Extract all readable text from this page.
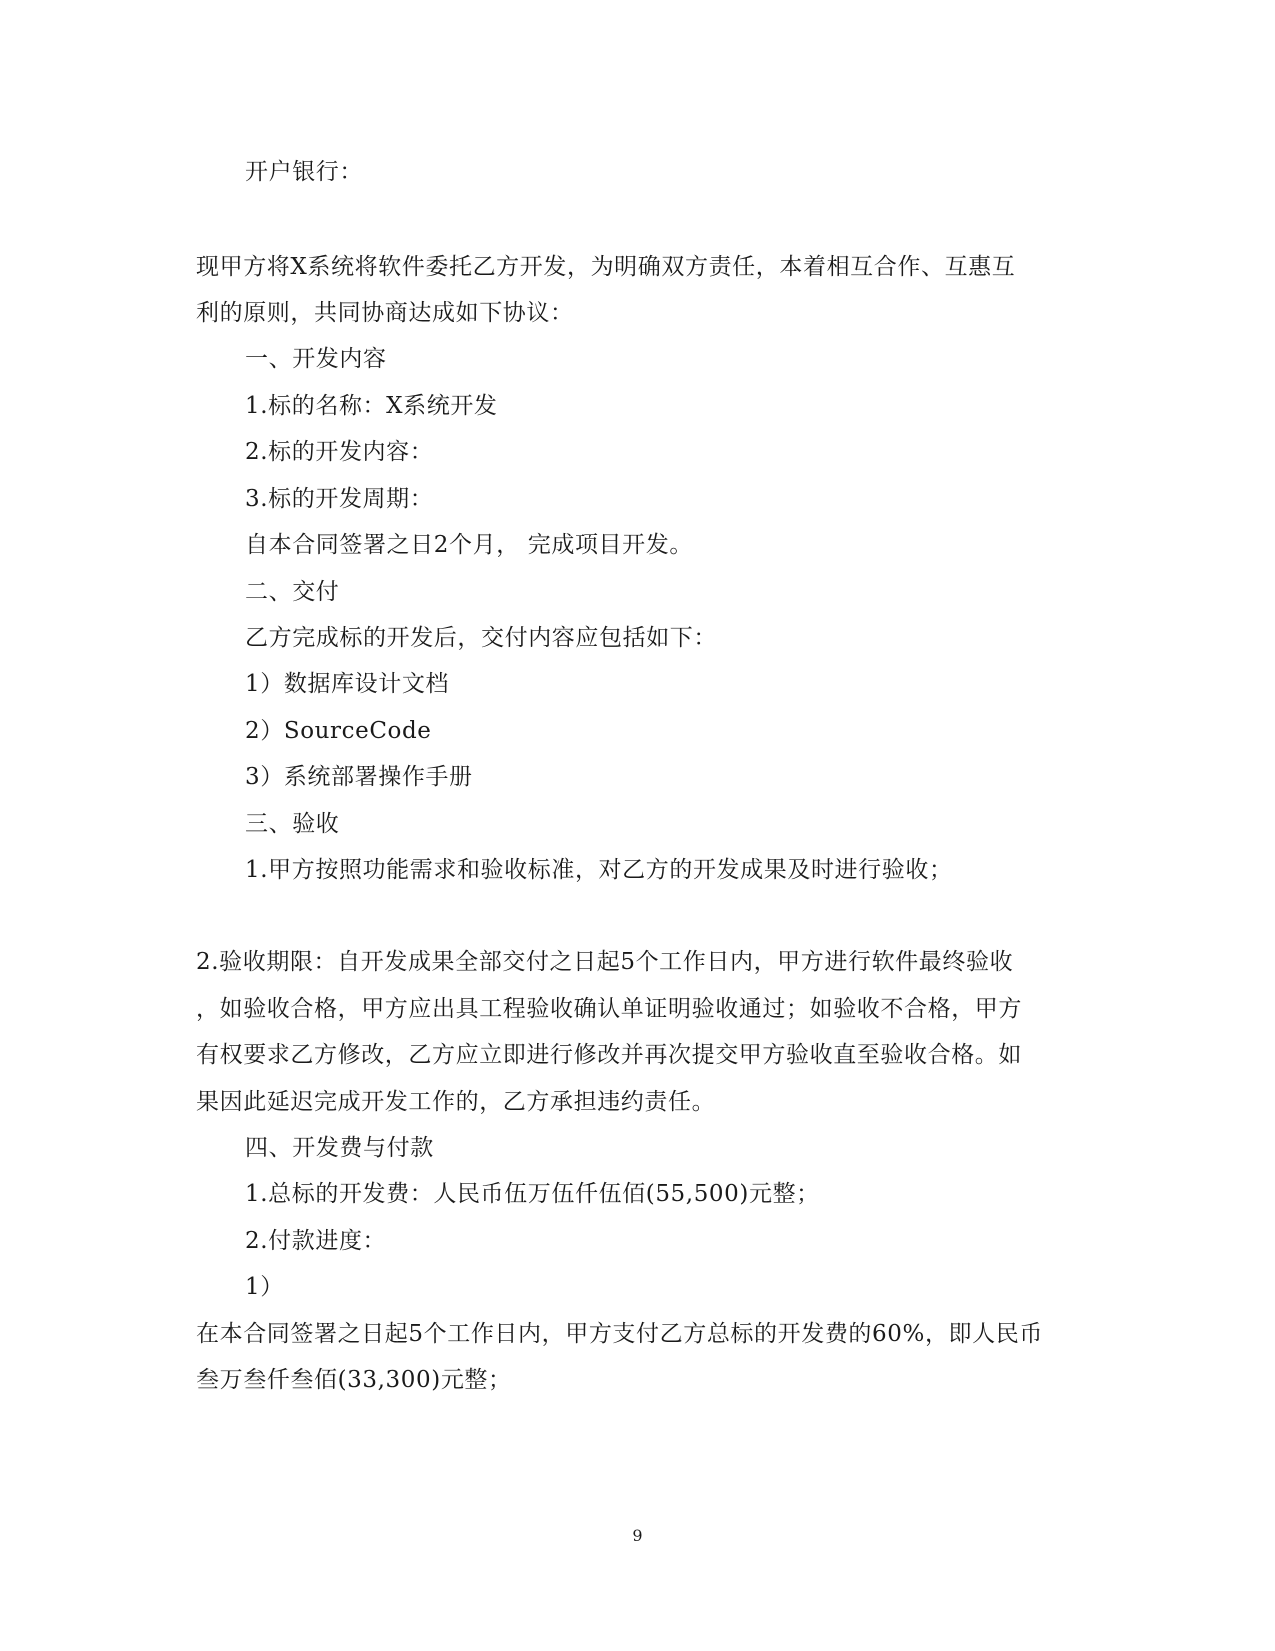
开户银行：
现甲方将X系统将软件委托乙方开发，为明确双方责任，本着相互合作、互惠互
利的原则，共同协商达成如下协议：
一、开发内容
1.标的名称：X系统开发
2.标的开发内容：
3.标的开发周期：
自本合同签署之日2个月， 完成项目开发。
二、交付
乙方完成标的开发后，交付内容应包括如下：
1）数据库设计文档
2）SourceCode
3）系统部署操作手册
三、验收
1.甲方按照功能需求和验收标准，对乙方的开发成果及时进行验收；
2.验收期限：自开发成果全部交付之日起5个工作日内，甲方进行软件最终验收
，如验收合格，甲方应出具工程验收确认单证明验收通过；如验收不合格，甲方
有权要求乙方修改，乙方应立即进行修改并再次提交甲方验收直至验收合格。如
果因此延迟完成开发工作的，乙方承担违约责任。
四、开发费与付款
1.总标的开发费：人民币伍万伍仟伍佰(55,500)元整；
2.付款进度：
1）
在本合同签署之日起5个工作日内，甲方支付乙方总标的开发费的60%，即人民币
叁万叁仟叁佰(33,300)元整；
9
